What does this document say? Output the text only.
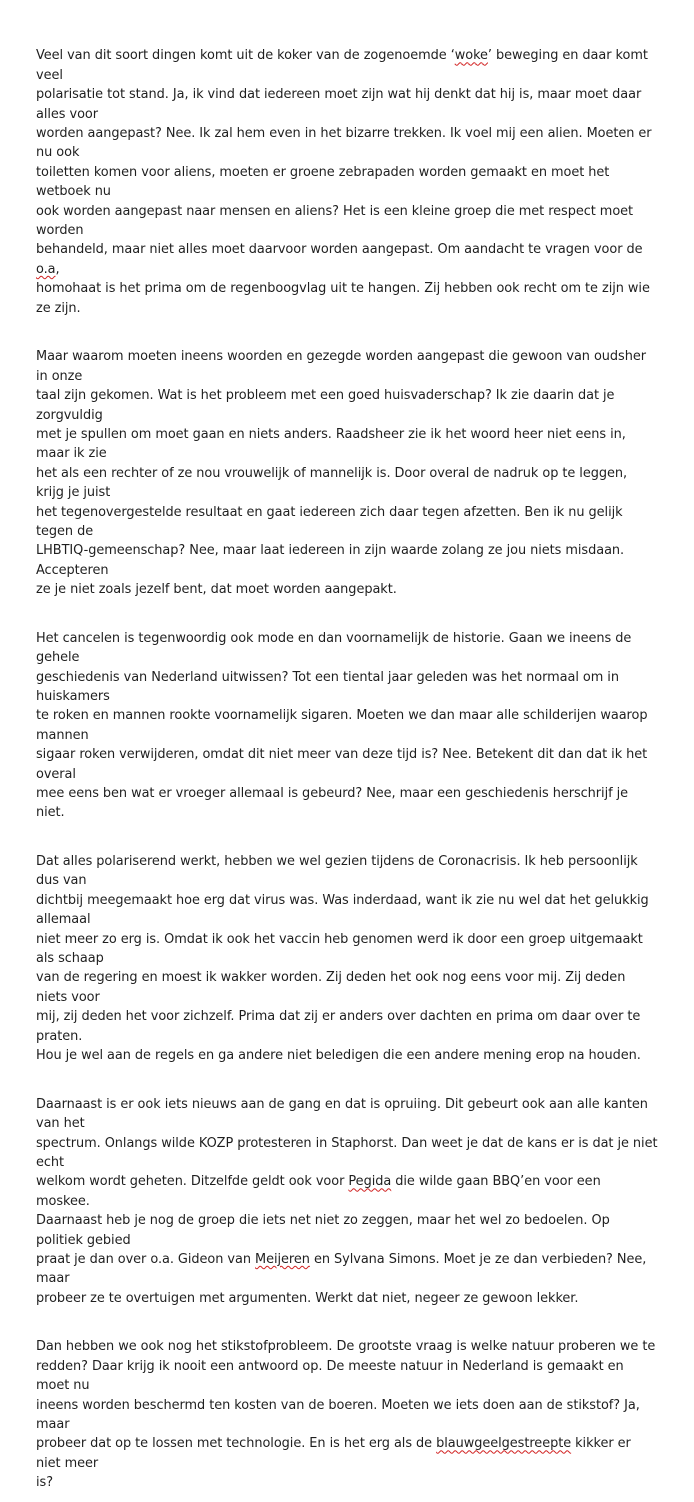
Veel van dit soort dingen komt uit de koker van de zogenoemde ‘woke’ beweging en daar komt veel
polarisatie tot stand. Ja, ik vind dat iedereen moet zijn wat hij denkt dat hij is, maar moet daar alles voor
worden aangepast? Nee. Ik zal hem even in het bizarre trekken. Ik voel mij een alien. Moeten er nu ook
toiletten komen voor aliens, moeten er groene zebrapaden worden gemaakt en moet het wetboek nu
ook worden aangepast naar mensen en aliens? Het is een kleine groep die met respect moet worden
behandeld, maar niet alles moet daarvoor worden aangepast. Om aandacht te vragen voor de o.a,
homohaat is het prima om de regenboogvlag uit te hangen. Zij hebben ook recht om te zijn wie ze zijn.

Maar waarom moeten ineens woorden en gezegde worden aangepast die gewoon van oudsher in onze
taal zijn gekomen. Wat is het probleem met een goed huisvaderschap? Ik zie daarin dat je zorgvuldig
met je spullen om moet gaan en niets anders. Raadsheer zie ik het woord heer niet eens in, maar ik zie
het als een rechter of ze nou vrouwelijk of mannelijk is. Door overal de nadruk op te leggen, krijg je juist
het tegenovergestelde resultaat en gaat iedereen zich daar tegen afzetten. Ben ik nu gelijk tegen de
LHBTIQ-gemeenschap? Nee, maar laat iedereen in zijn waarde zolang ze jou niets misdaan. Accepteren
ze je niet zoals jezelf bent, dat moet worden aangepakt.

Het cancelen is tegenwoordig ook mode en dan voornamelijk de historie. Gaan we ineens de gehele
geschiedenis van Nederland uitwissen? Tot een tiental jaar geleden was het normaal om in huiskamers
te roken en mannen rookte voornamelijk sigaren. Moeten we dan maar alle schilderijen waarop mannen
sigaar roken verwijderen, omdat dit niet meer van deze tijd is? Nee. Betekent dit dan dat ik het overal
mee eens ben wat er vroeger allemaal is gebeurd? Nee, maar een geschiedenis herschrijf je niet.

Dat alles polariserend werkt, hebben we wel gezien tijdens de Coronacrisis. Ik heb persoonlijk dus van
dichtbij meegemaakt hoe erg dat virus was. Was inderdaad, want ik zie nu wel dat het gelukkig allemaal
niet meer zo erg is. Omdat ik ook het vaccin heb genomen werd ik door een groep uitgemaakt als schaap
van de regering en moest ik wakker worden. Zij deden het ook nog eens voor mij. Zij deden niets voor
mij, zij deden het voor zichzelf. Prima dat zij er anders over dachten en prima om daar over te praten.
Hou je wel aan de regels en ga andere niet beledigen die een andere mening erop na houden.

Daarnaast is er ook iets nieuws aan de gang en dat is opruiing. Dit gebeurt ook aan alle kanten van het
spectrum. Onlangs wilde KOZP protesteren in Staphorst. Dan weet je dat de kans er is dat je niet echt
welkom wordt geheten. Ditzelfde geldt ook voor Pegida die wilde gaan BBQ’en voor een moskee.
Daarnaast heb je nog de groep die iets net niet zo zeggen, maar het wel zo bedoelen. Op politiek gebied
praat je dan over o.a. Gideon van Meijeren en Sylvana Simons. Moet je ze dan verbieden? Nee, maar
probeer ze te overtuigen met argumenten. Werkt dat niet, negeer ze gewoon lekker.

Dan hebben we ook nog het stikstofprobleem. De grootste vraag is welke natuur proberen we te
redden? Daar krijg ik nooit een antwoord op. De meeste natuur in Nederland is gemaakt en moet nu
ineens worden beschermd ten kosten van de boeren. Moeten we iets doen aan de stikstof? Ja, maar
probeer dat op te lossen met technologie. En is het erg als de blauwgeelgestreepte kikker er niet meer
is?
